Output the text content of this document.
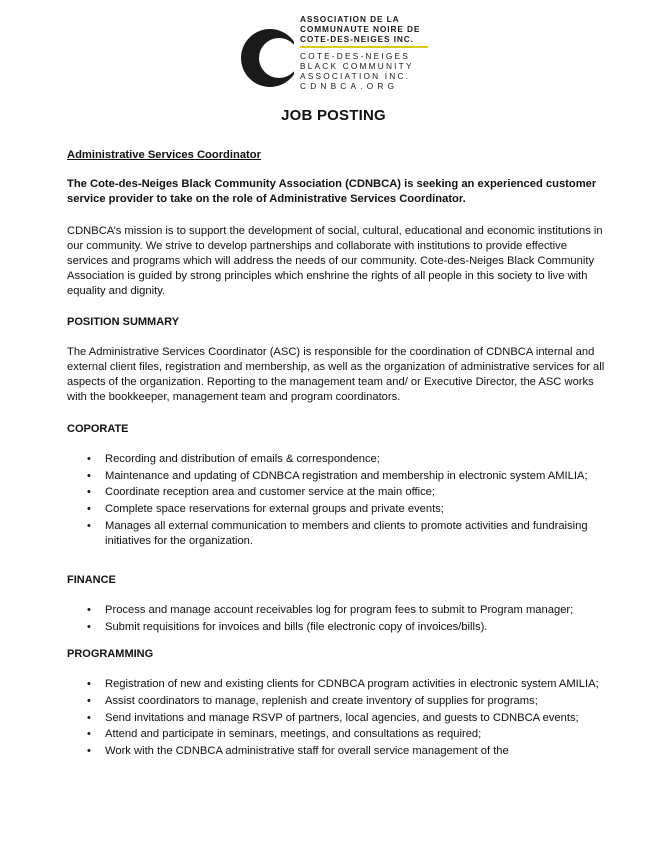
ASSOCIATION DE LA
COMMUNAUTE NOIRE DE
COTE-DES-NEIGES INC.
COTE-DES-NEIGES
BLACK COMMUNITY
ASSOCIATION INC.
CDNBCA.ORG
JOB POSTING

Administrative Services Coordinator

The Cote-des-Neiges Black Community Association (CDNBCA) is seeking an experienced customer service provider to take on the role of Administrative Services Coordinator.

CDNBCA’s mission is to support the development of social, cultural, educational and economic institutions in our community. We strive to develop partnerships and collaborate with institutions to provide effective services and programs which will address the needs of our community. Cote-des-Neiges Black Community Association is guided by strong principles which enshrine the rights of all people in this society to live with equality and dignity.

POSITION SUMMARY

The Administrative Services Coordinator (ASC) is responsible for the coordination of CDNBCA internal and external client files, registration and membership, as well as the organization of administrative services for all aspects of the organization. Reporting to the management team and/ or Executive Director, the ASC works with the bookkeeper, management team and program coordinators.

COPORATE

• Recording and distribution of emails & correspondence;
• Maintenance and updating of CDNBCA registration and membership in electronic system AMILIA;
• Coordinate reception area and customer service at the main office;
• Complete space reservations for external groups and private events;
• Manages all external communication to members and clients to promote activities and fundraising initiatives for the organization.

FINANCE

• Process and manage account receivables log for program fees to submit to Program manager;
• Submit requisitions for invoices and bills (file electronic copy of invoices/bills).

PROGRAMMING

• Registration of new and existing clients for CDNBCA program activities in electronic system AMILIA;
• Assist coordinators to manage, replenish and create inventory of supplies for programs;
• Send invitations and manage RSVP of partners, local agencies, and guests to CDNBCA events;
• Attend and participate in seminars, meetings, and consultations as required;
• Work with the CDNBCA administrative staff for overall service management of the
